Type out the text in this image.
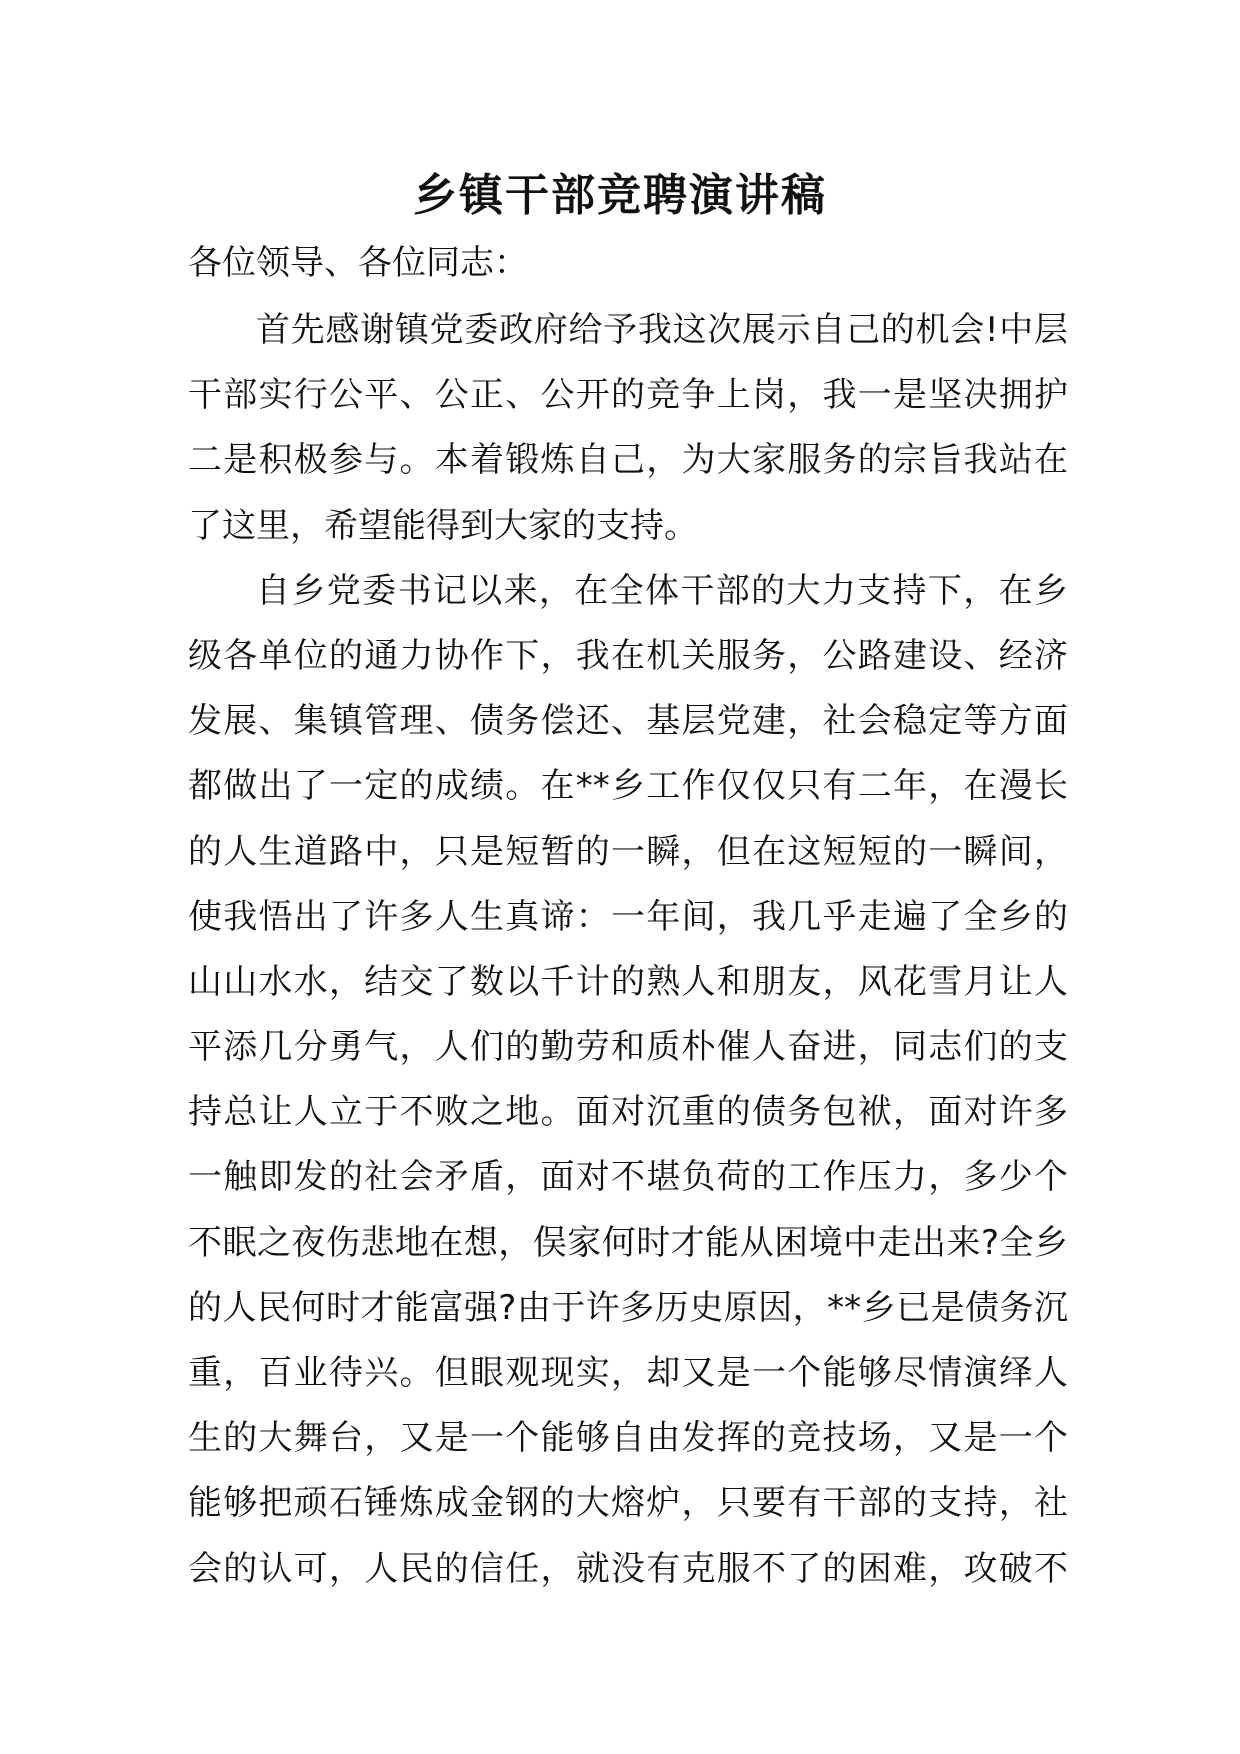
乡镇干部竞聘演讲稿
各位领导、各位同志：
首先感谢镇党委政府给予我这次展示自己的机会!中层
干部实行公平、公正、公开的竞争上岗，我一是坚决拥护
二是积极参与。本着锻炼自己，为大家服务的宗旨我站在
了这里，希望能得到大家的支持。
自乡党委书记以来，在全体干部的大力支持下，在乡
级各单位的通力协作下，我在机关服务，公路建设、经济
发展、集镇管理、债务偿还、基层党建，社会稳定等方面
都做出了一定的成绩。在**乡工作仅仅只有二年，在漫长
的人生道路中，只是短暂的一瞬，但在这短短的一瞬间，
使我悟出了许多人生真谛：一年间，我几乎走遍了全乡的
山山水水，结交了数以千计的熟人和朋友，风花雪月让人
平添几分勇气，人们的勤劳和质朴催人奋进，同志们的支
持总让人立于不败之地。面对沉重的债务包袱，面对许多
一触即发的社会矛盾，面对不堪负荷的工作压力，多少个
不眠之夜伤悲地在想，俣家何时才能从困境中走出来?全乡
的人民何时才能富强?由于许多历史原因，**乡已是债务沉
重，百业待兴。但眼观现实，却又是一个能够尽情演绎人
生的大舞台，又是一个能够自由发挥的竞技场，又是一个
能够把顽石锤炼成金钢的大熔炉，只要有干部的支持，社
会的认可，人民的信任，就没有克服不了的困难，攻破不
